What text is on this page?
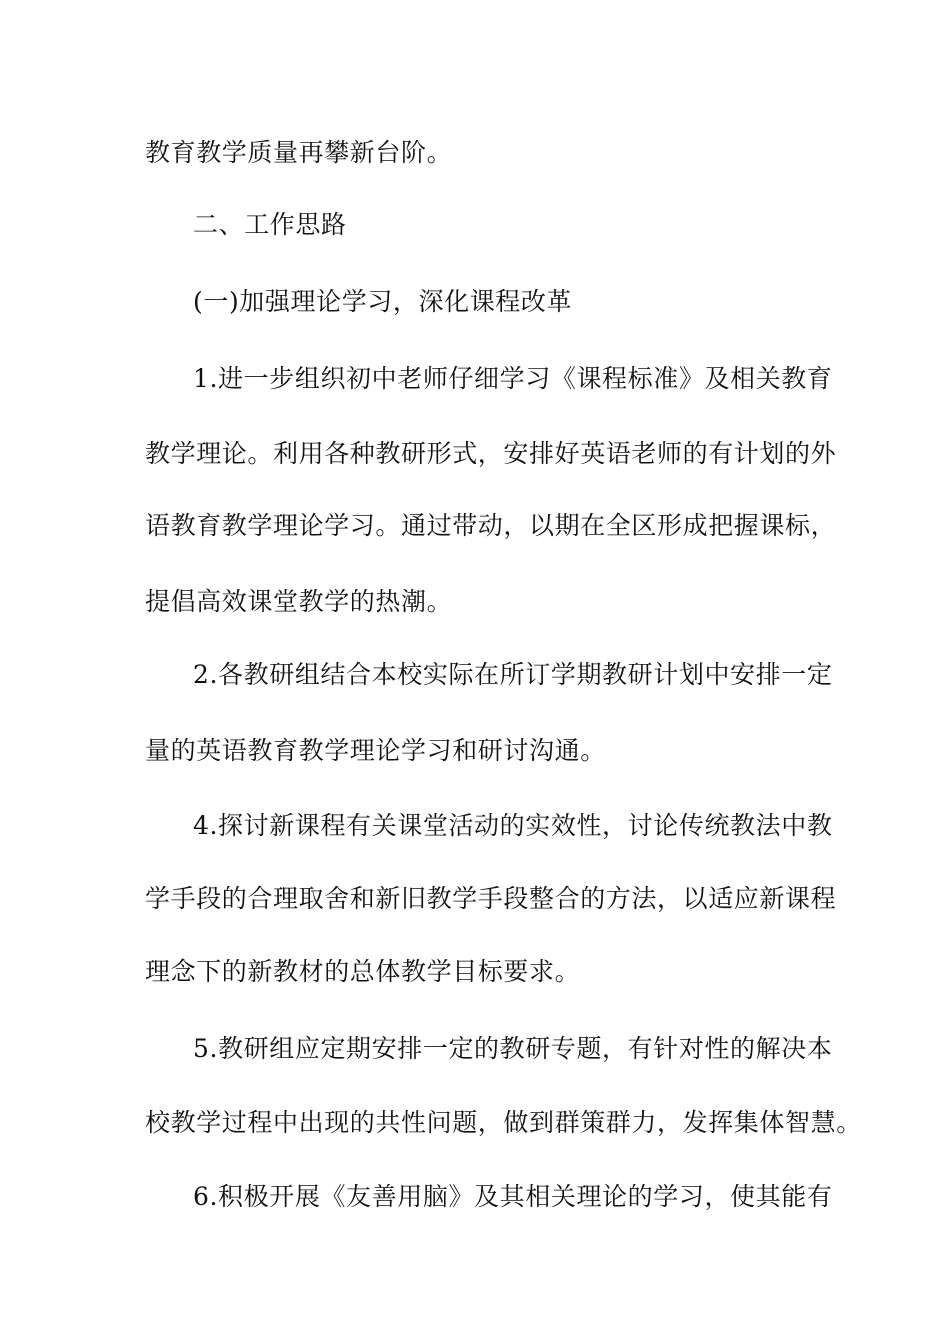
教育教学质量再攀新台阶。
二、工作思路
(一)加强理论学习，深化课程改革
1.进一步组织初中老师仔细学习《课程标准》及相关教育
教学理论。利用各种教研形式，安排好英语老师的有计划的外
语教育教学理论学习。通过带动，以期在全区形成把握课标，
提倡高效课堂教学的热潮。
2.各教研组结合本校实际在所订学期教研计划中安排一定
量的英语教育教学理论学习和研讨沟通。
4.探讨新课程有关课堂活动的实效性，讨论传统教法中教
学手段的合理取舍和新旧教学手段整合的方法，以适应新课程
理念下的新教材的总体教学目标要求。
5.教研组应定期安排一定的教研专题，有针对性的解决本
校教学过程中出现的共性问题，做到群策群力，发挥集体智慧。
6.积极开展《友善用脑》及其相关理论的学习，使其能有
